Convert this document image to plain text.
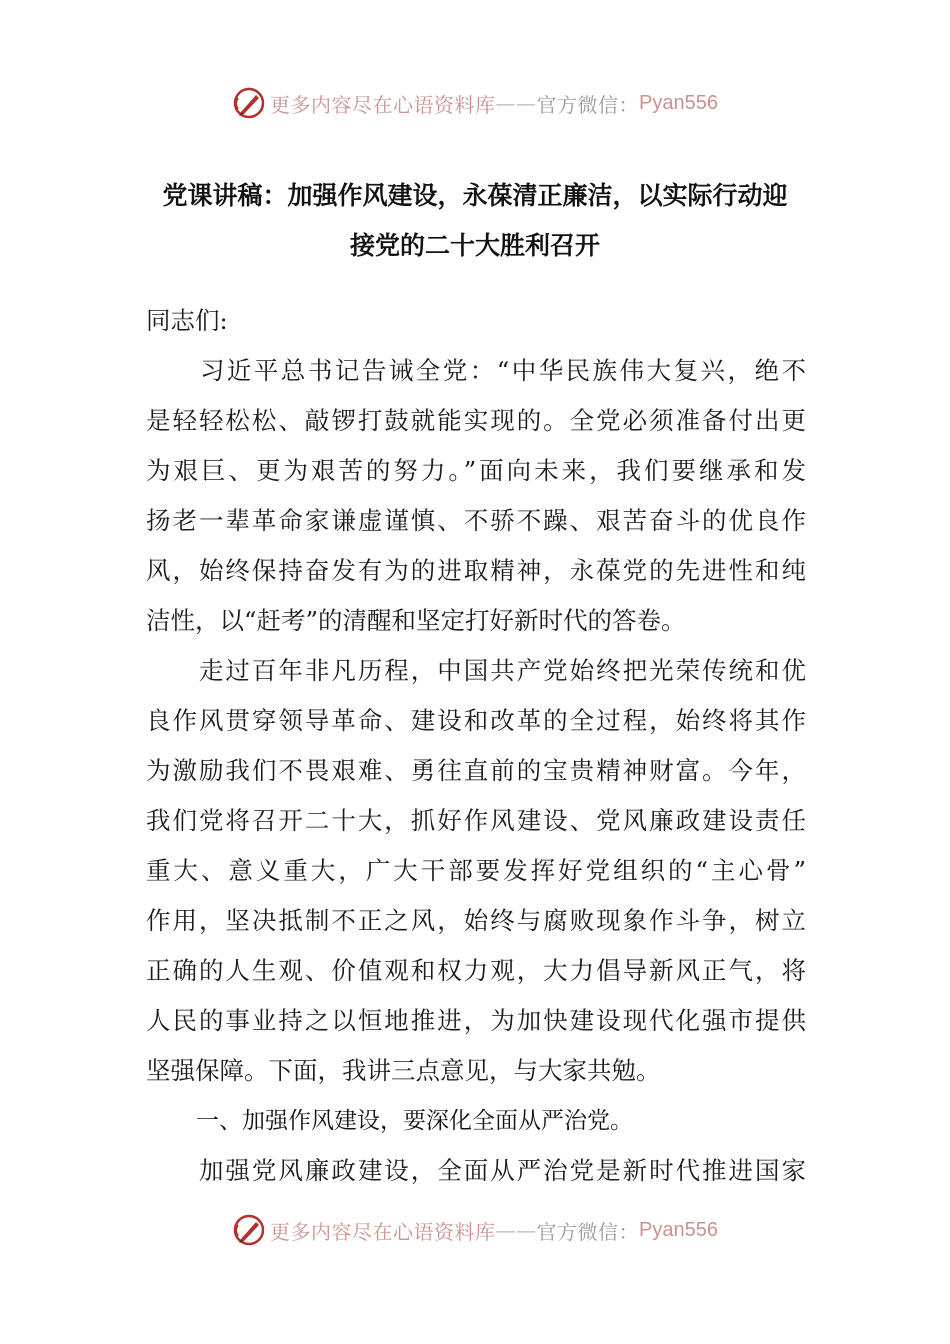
更多内容尽在心语资料库 —— 官方微信： Pyan556
党课讲稿：加强作风建设，永葆清正廉洁，以实际行动迎
接党的二十大胜利召开
同志们:
　　习近平总书记告诫全党：“中华民族伟大复兴，绝不
是轻轻松松、敲锣打鼓就能实现的。全党必须准备付出更
为艰巨、更为艰苦的努力。”面向未来，我们要继承和发
扬老一辈革命家谦虚谨慎、不骄不躁、艰苦奋斗的优良作
风，始终保持奋发有为的进取精神，永葆党的先进性和纯
洁性，以“赶考”的清醒和坚定打好新时代的答卷。
　　走过百年非凡历程，中国共产党始终把光荣传统和优
良作风贯穿领导革命、建设和改革的全过程，始终将其作
为激励我们不畏艰难、勇往直前的宝贵精神财富。今年，
我们党将召开二十大，抓好作风建设、党风廉政建设责任
重大、意义重大，广大干部要发挥好党组织的“主心骨”
作用，坚决抵制不正之风，始终与腐败现象作斗争，树立
正确的人生观、价值观和权力观，大力倡导新风正气，将
人民的事业持之以恒地推进，为加快建设现代化强市提供
坚强保障。下面，我讲三点意见，与大家共勉。
一、加强作风建设，要深化全面从严治党。
　　加强党风廉政建设，全面从严治党是新时代推进国家
更多内容尽在心语资料库 —— 官方微信： Pyan556
